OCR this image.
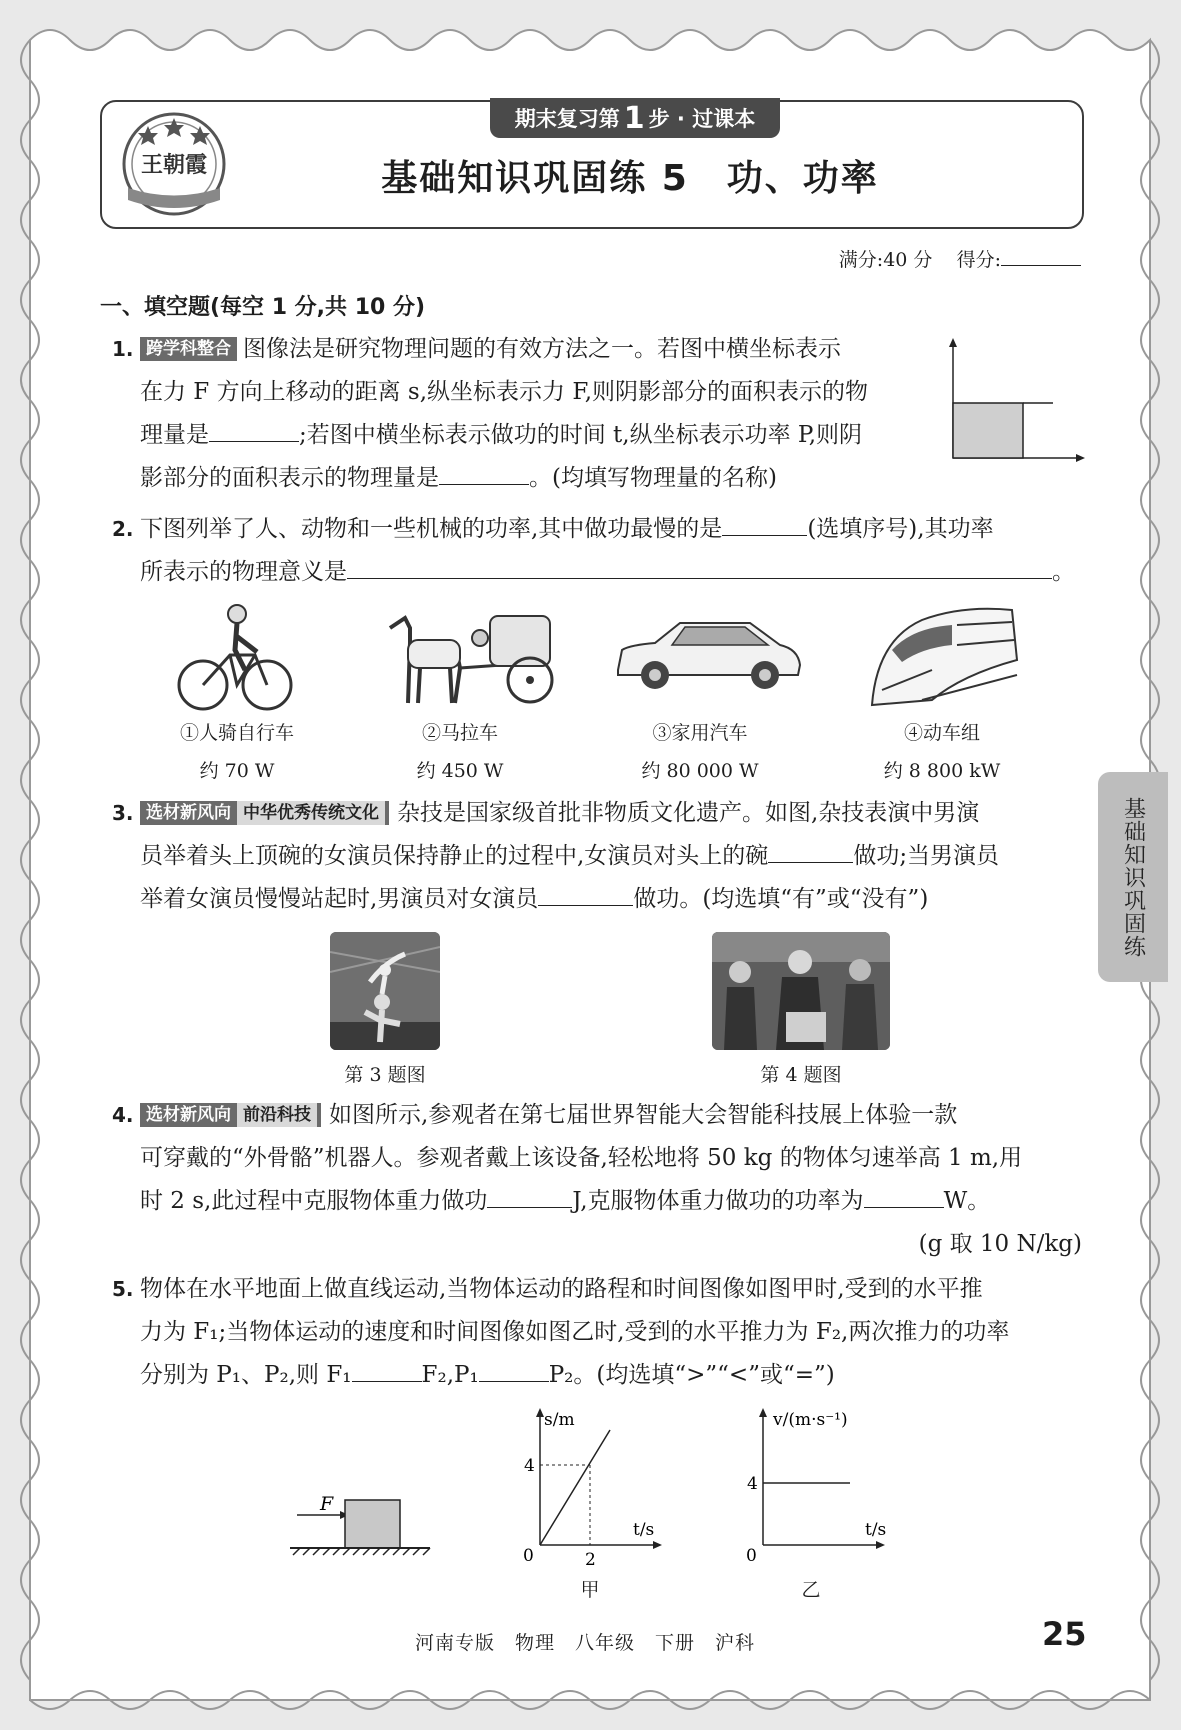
王朝霞
期末复习第 1 步 · 过课本
基础知识巩固练 5　功、功率
满分:40 分 得分:
一、填空题(每空 1 分,共 10 分)
1. 跨学科整合 图像法是研究物理问题的有效方法之一。若图中横坐标表示
在力 F 方向上移动的距离 s,纵坐标表示力 F,则阴影部分的面积表示的物
理量是	;若图中横坐标表示做功的时间 t,纵坐标表示功率 P,则阴
影部分的面积表示的物理量是	。(均填写物理量的名称)
2. 下图列举了人、动物和一些机械的功率,其中做功最慢的是	(选填序号),其功率
所表示的物理意义是	。
①人骑自行车
约 70 W
②马拉车
约 450 W
③家用汽车
约 80 000 W
④动车组
约 8 800 kW
3. 选材新风向 中华优秀传统文化 杂技是国家级首批非物质文化遗产。如图,杂技表演中男演
员举着头上顶碗的女演员保持静止的过程中,女演员对头上的碗	做功;当男演员
举着女演员慢慢站起时,男演员对女演员	做功。(均选填“有”或“没有”)
第 3 题图	第 4 题图
4. 选材新风向 前沿科技 如图所示,参观者在第七届世界智能大会智能科技展上体验一款
可穿戴的“外骨骼”机器人。参观者戴上该设备,轻松地将 50 kg 的物体匀速举高 1 m,用
时 2 s,此过程中克服物体重力做功	J,克服物体重力做功的功率为	W。
(g 取 10 N/kg)
5. 物体在水平地面上做直线运动,当物体运动的路程和时间图像如图甲时,受到的水平推
力为 F₁;当物体运动的速度和时间图像如图乙时,受到的水平推力为 F₂,两次推力的功率
分别为 P₁、P₂,则 F₁	F₂,P₁	P₂。(均选填“>”“<”或“=”)
F
s/m
t/s
4
2
0
甲
v/(m·s⁻¹)
t/s
4
0
乙
基础知识巩固练
河南专版　物理　八年级　下册　沪科	25
